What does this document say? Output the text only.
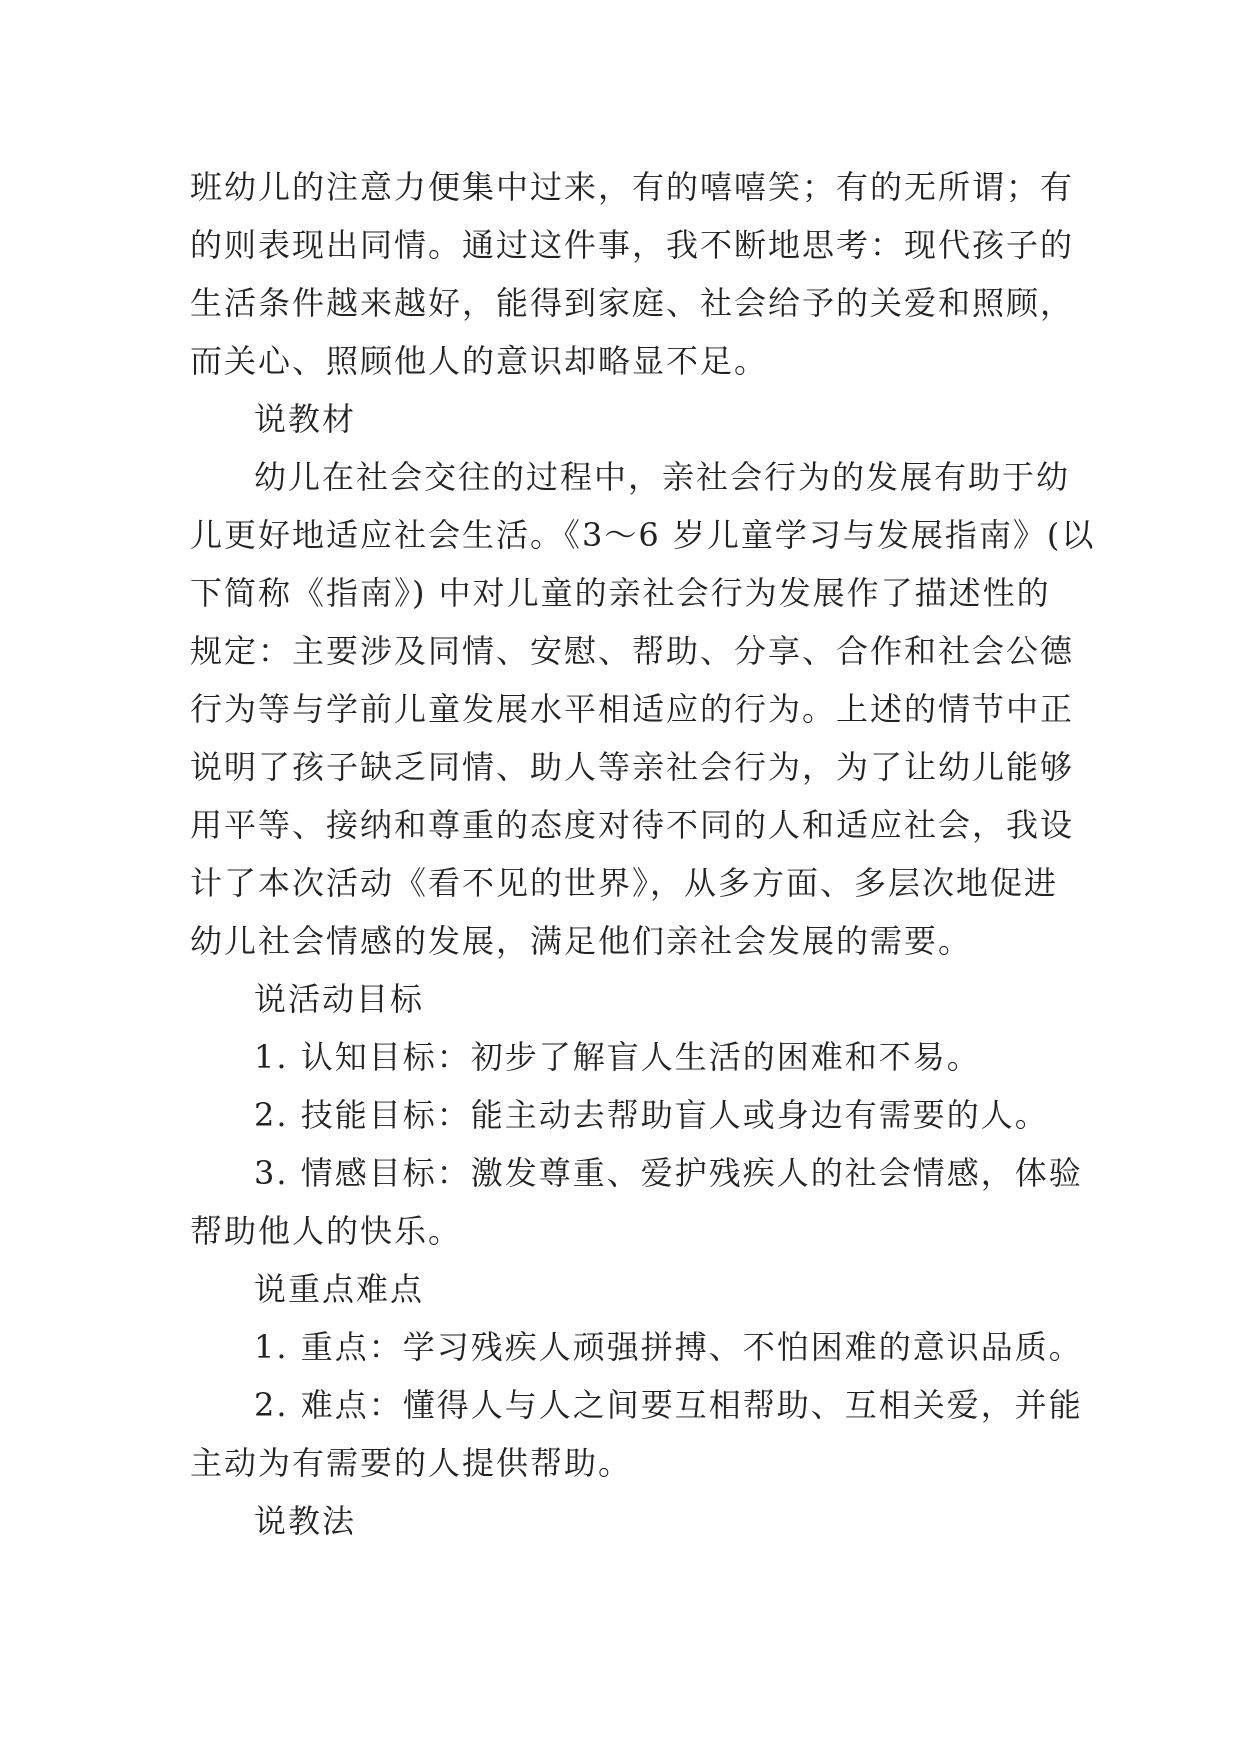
班幼儿的注意力便集中过来，有的嘻嘻笑；有的无所谓；有
的则表现出同情。通过这件事，我不断地思考：现代孩子的
生活条件越来越好，能得到家庭、社会给予的关爱和照顾，
而关心、照顾他人的意识却略显不足。
说教材
幼儿在社会交往的过程中，亲社会行为的发展有助于幼
儿更好地适应社会生活。《3～6 岁儿童学习与发展指南》(以
下简称《指南》) 中对儿童的亲社会行为发展作了描述性的
规定：主要涉及同情、安慰、帮助、分享、合作和社会公德
行为等与学前儿童发展水平相适应的行为。上述的情节中正
说明了孩子缺乏同情、助人等亲社会行为，为了让幼儿能够
用平等、接纳和尊重的态度对待不同的人和适应社会，我设
计了本次活动《看不见的世界》，从多方面、多层次地促进
幼儿社会情感的发展，满足他们亲社会发展的需要。
说活动目标
1. 认知目标：初步了解盲人生活的困难和不易。
2. 技能目标：能主动去帮助盲人或身边有需要的人。
3. 情感目标：激发尊重、爱护残疾人的社会情感，体验
帮助他人的快乐。
说重点难点
1. 重点：学习残疾人顽强拼搏、不怕困难的意识品质。
2. 难点：懂得人与人之间要互相帮助、互相关爱，并能
主动为有需要的人提供帮助。
说教法
